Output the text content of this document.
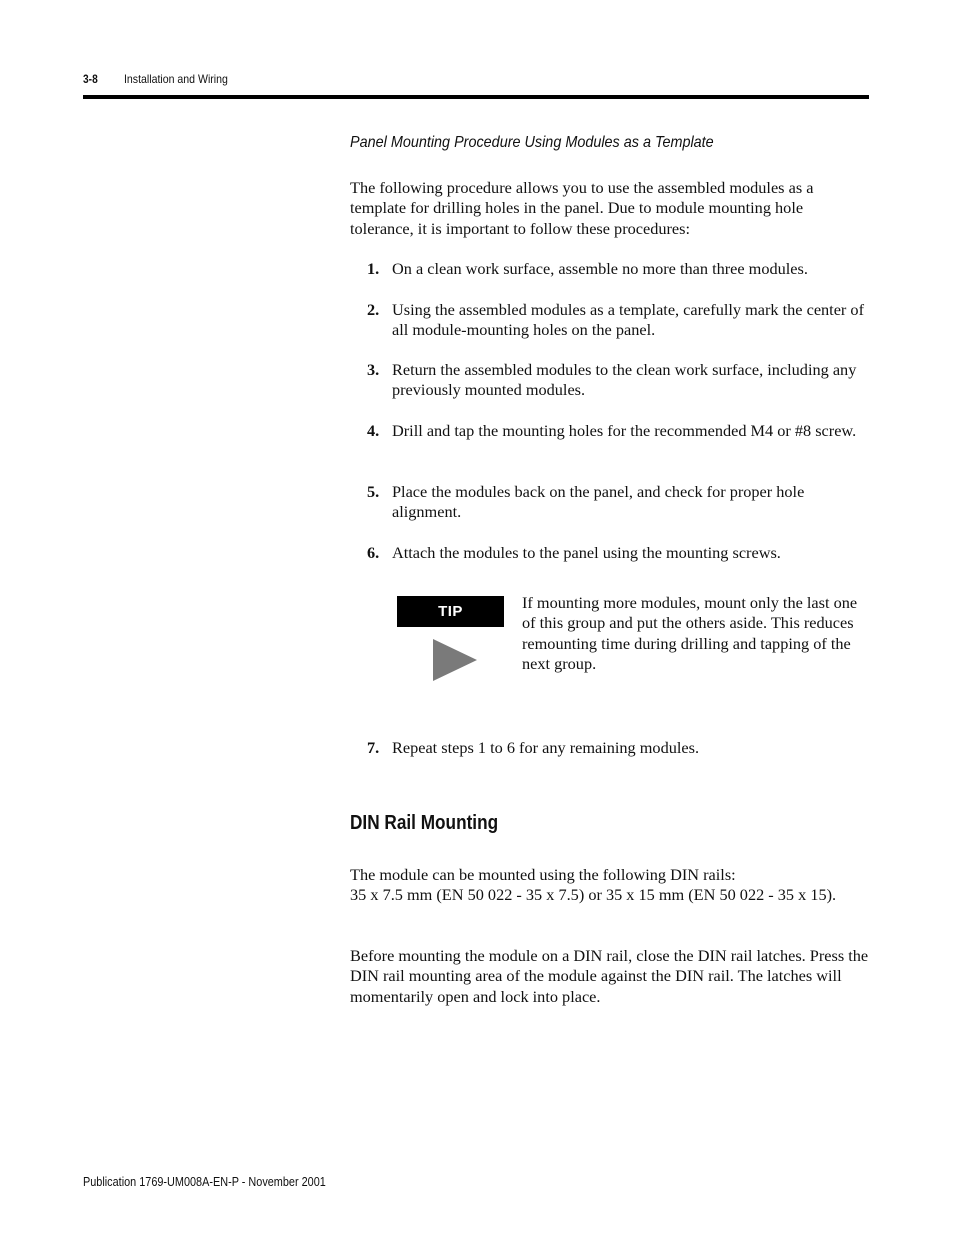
3-8 Installation and Wiring
Panel Mounting Procedure Using Modules as a Template

The following procedure allows you to use the assembled modules as a template for drilling holes in the panel. Due to module mounting hole tolerance, it is important to follow these procedures:

1. On a clean work surface, assemble no more than three modules.
2. Using the assembled modules as a template, carefully mark the center of all module-mounting holes on the panel.
3. Return the assembled modules to the clean work surface, including any previously mounted modules.
4. Drill and tap the mounting holes for the recommended M4 or #8 screw.
5. Place the modules back on the panel, and check for proper hole alignment.
6. Attach the modules to the panel using the mounting screws.
TIP	If mounting more modules, mount only the last one of this group and put the others aside. This reduces remounting time during drilling and tapping of the next group.
7. Repeat steps 1 to 6 for any remaining modules.
DIN Rail Mounting
The module can be mounted using the following DIN rails:
35 x 7.5 mm (EN 50 022 - 35 x 7.5) or 35 x 15 mm (EN 50 022 - 35 x 15).

Before mounting the module on a DIN rail, close the DIN rail latches. Press the DIN rail mounting area of the module against the DIN rail. The latches will momentarily open and lock into place.

Publication 1769-UM008A-EN-P - November 2001
